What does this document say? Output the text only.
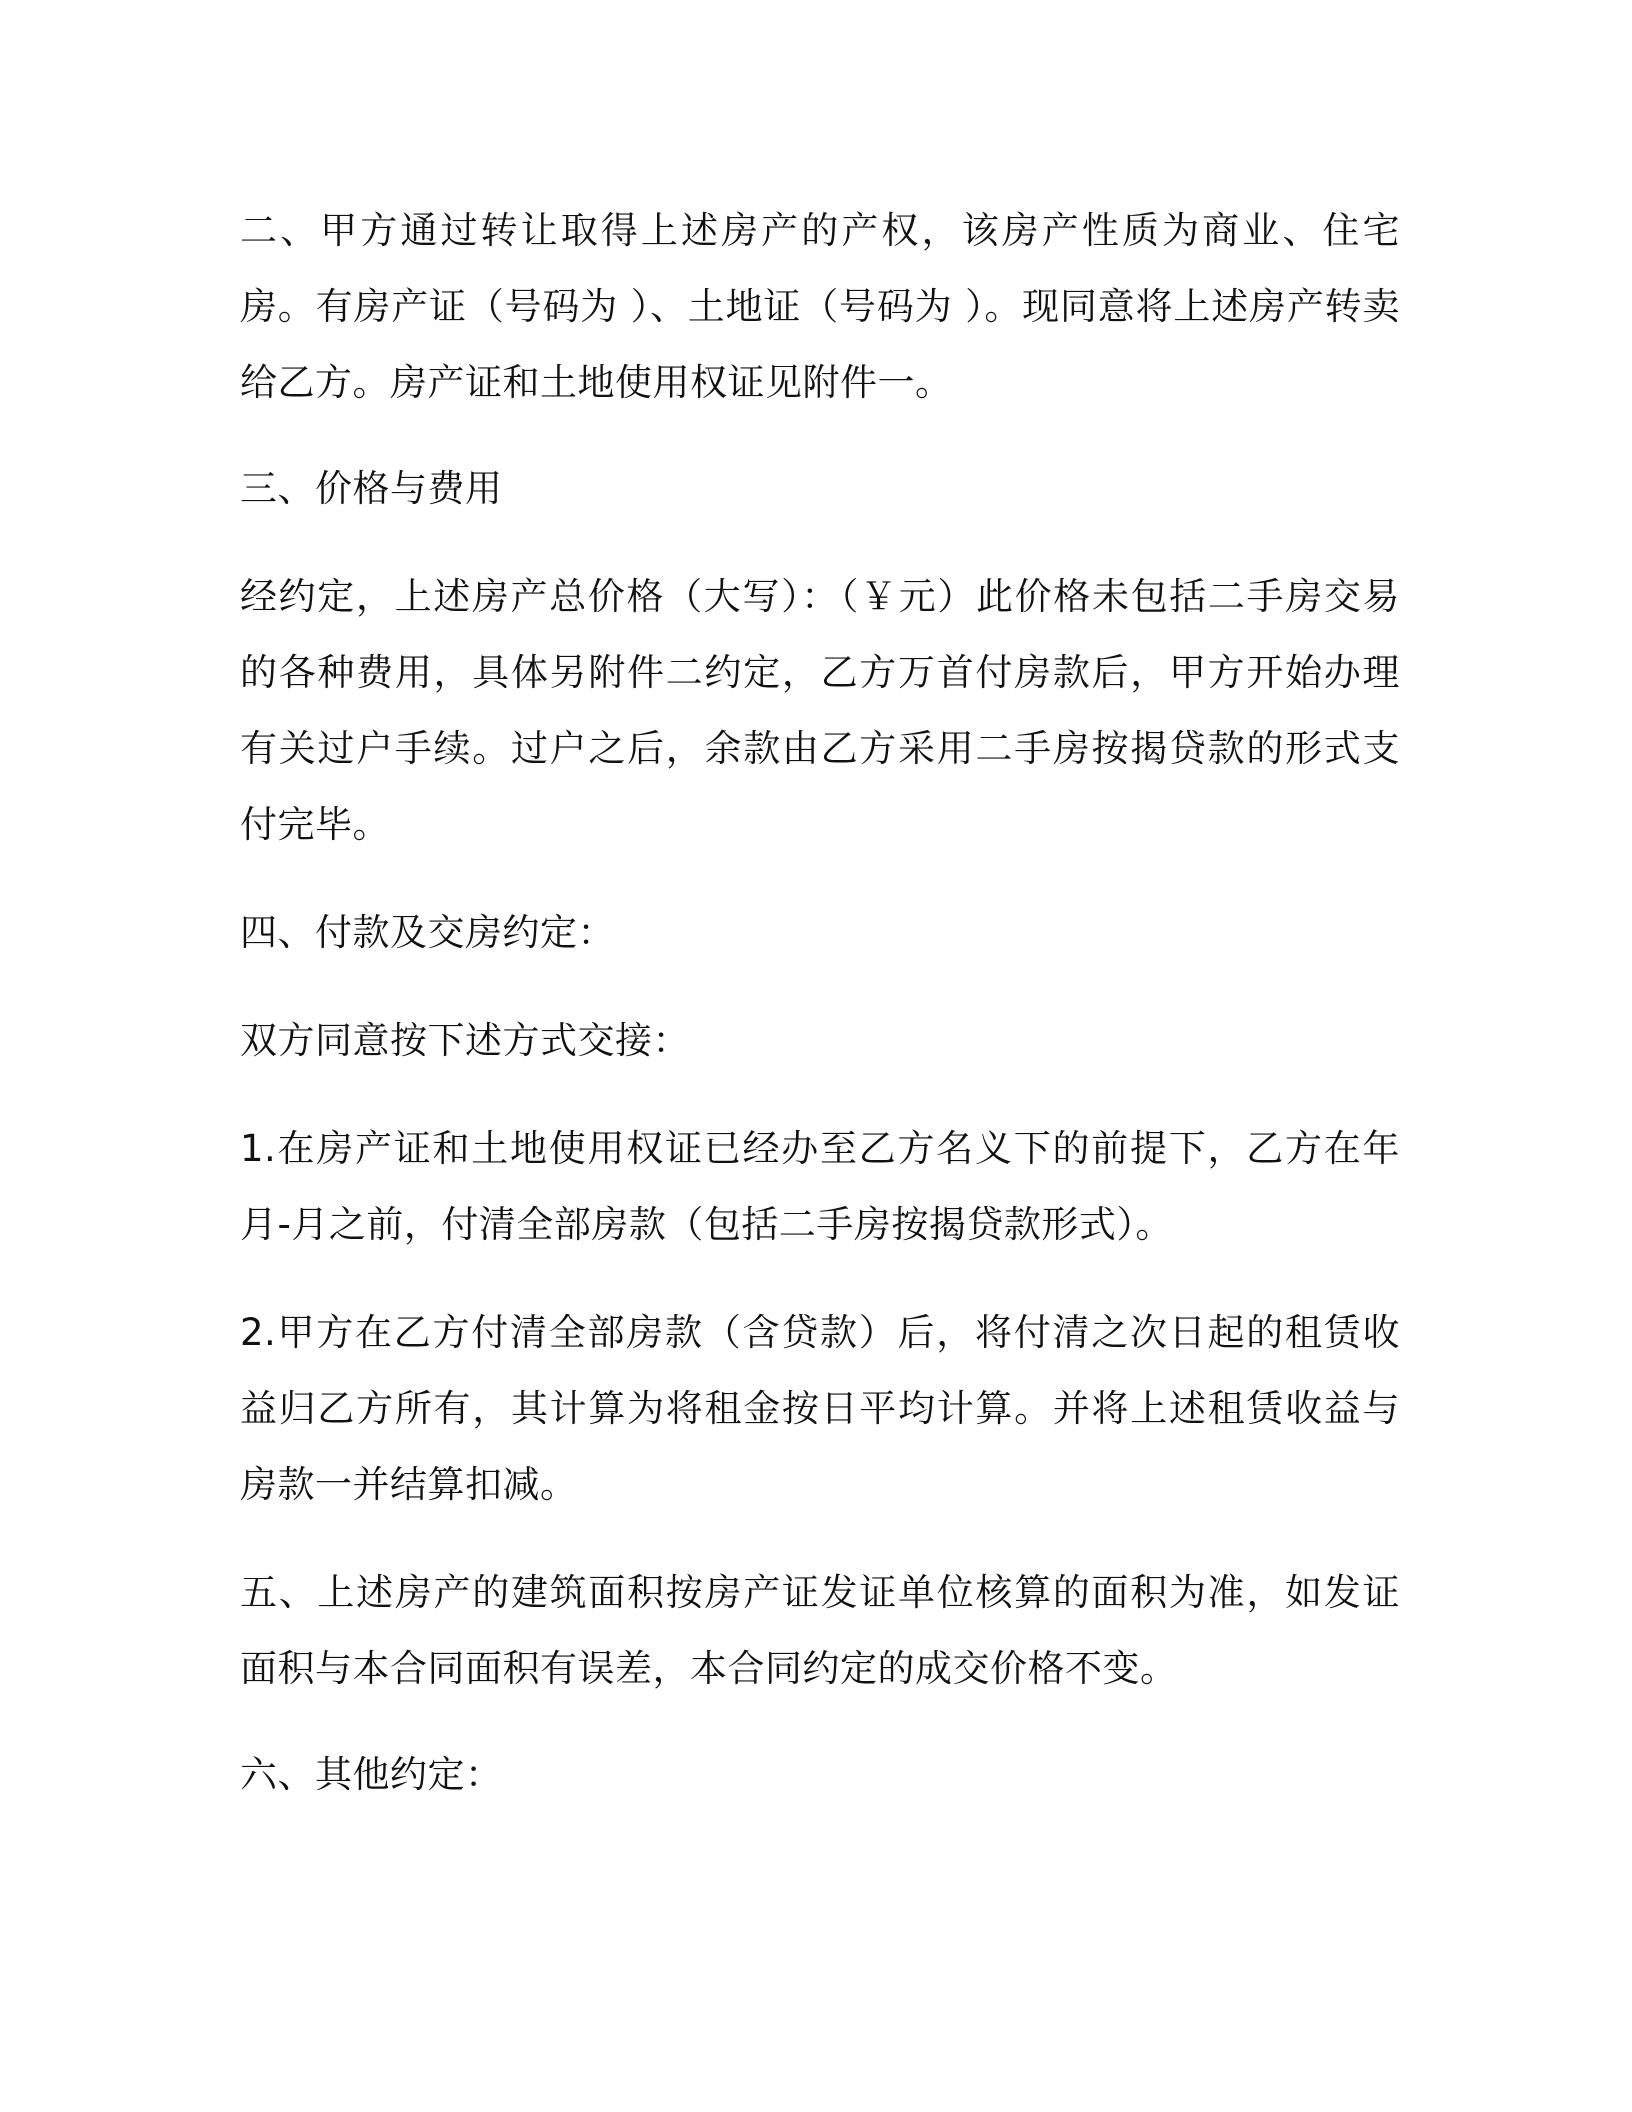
二、甲方通过转让取得上述房产的产权，该房产性质为商业、住宅房。有房产证（号码为 ）、土地证（号码为 ）。现同意将上述房产转卖给乙方。房产证和土地使用权证见附件一。

三、价格与费用

经约定，上述房产总价格（大写）：（￥元）此价格未包括二手房交易的各种费用，具体另附件二约定，乙方万首付房款后，甲方开始办理有关过户手续。过户之后，余款由乙方采用二手房按揭贷款的形式支付完毕。

四、付款及交房约定：

双方同意按下述方式交接：

1.在房产证和土地使用权证已经办至乙方名义下的前提下，乙方在年月-月之前，付清全部房款（包括二手房按揭贷款形式）。

2.甲方在乙方付清全部房款（含贷款）后，将付清之次日起的租赁收益归乙方所有，其计算为将租金按日平均计算。并将上述租赁收益与房款一并结算扣减。

五、上述房产的建筑面积按房产证发证单位核算的面积为准，如发证面积与本合同面积有误差，本合同约定的成交价格不变。

六、其他约定：
